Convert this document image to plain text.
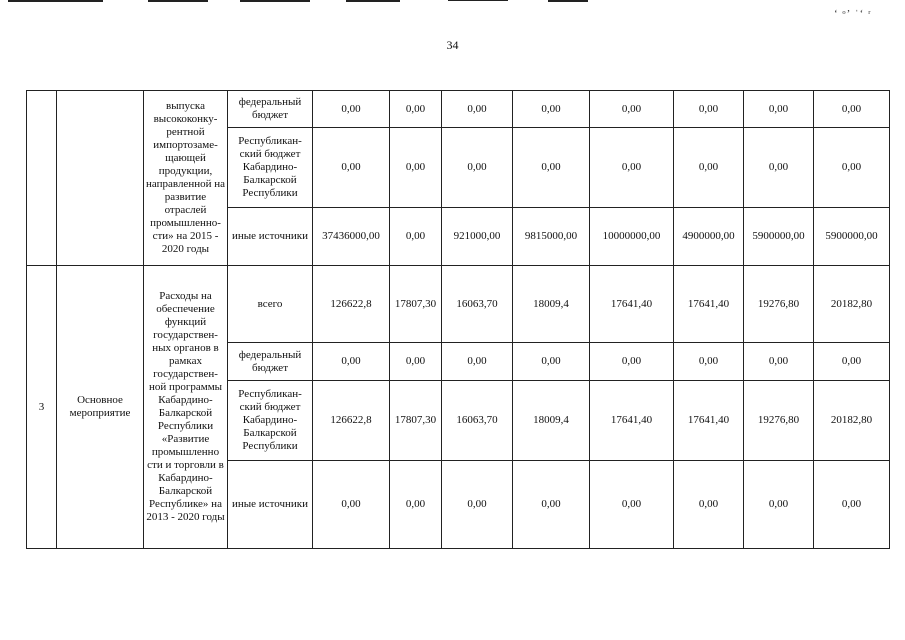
ʻ ᵒʼ ˈ‘ ʳ
34
		выпуска высококонку-рентной импортозаме-щающей продукции, направленной на развитие отраслей промышленно-сти» на 2015 - 2020 годы	федеральный бюджет	0,00	0,00	0,00	0,00	0,00	0,00	0,00	0,00
			Республикан-ский бюджет Кабардино-Балкарской Республики	0,00	0,00	0,00	0,00	0,00	0,00	0,00	0,00
			иные источники	37436000,00	0,00	921000,00	9815000,00	10000000,00	4900000,00	5900000,00	5900000,00
3	Основное мероприятие	Расходы на обеспечение функций государствен-ных органов в рамках государствен-ной программы Кабардино-Балкарской Республики «Развитие промышленно сти и торговли в Кабардино-Балкарской Республике» на 2013 - 2020 годы	всего	126622,8	17807,30	16063,70	18009,4	17641,40	17641,40	19276,80	20182,80
			федеральный бюджет	0,00	0,00	0,00	0,00	0,00	0,00	0,00	0,00
			Республикан-ский бюджет Кабардино-Балкарской Республики	126622,8	17807,30	16063,70	18009,4	17641,40	17641,40	19276,80	20182,80
			иные источники	0,00	0,00	0,00	0,00	0,00	0,00	0,00	0,00
